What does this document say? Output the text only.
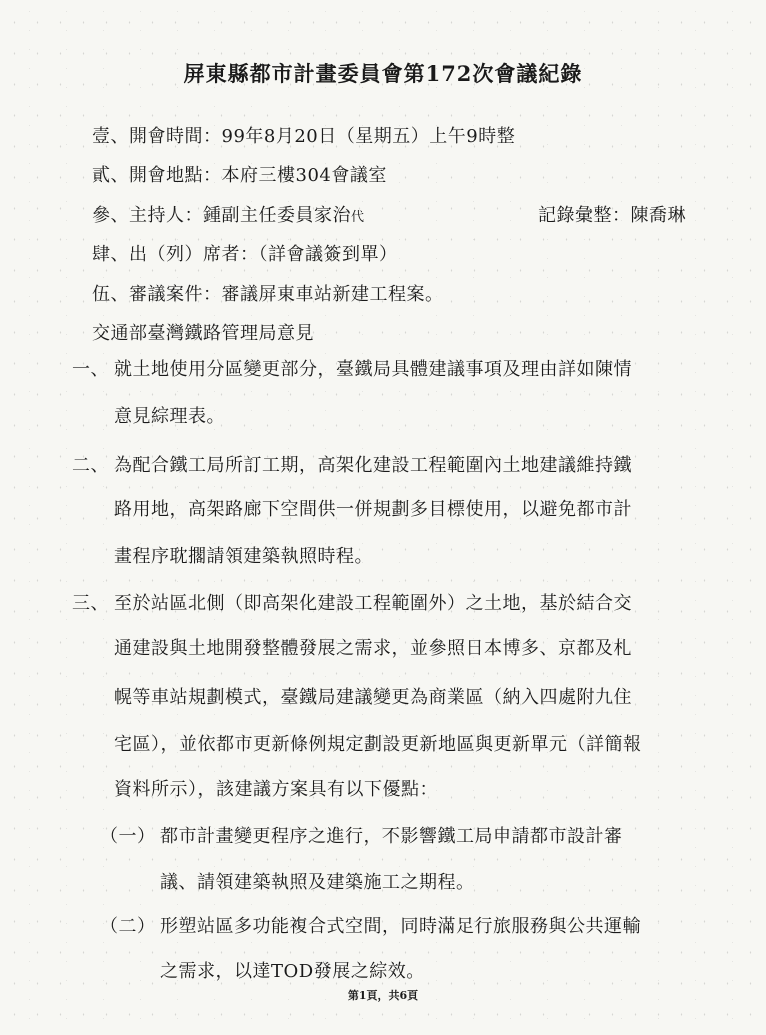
屏東縣都市計畫委員會第172次會議紀錄
壹、開會時間：99年8月20日（星期五）上午9時整
貳、開會地點：本府三樓304會議室
參、主持人：鍾副主任委員家治代	記錄彙整：陳喬琳
肆、出（列）席者：（詳會議簽到單）
伍、審議案件：審議屏東車站新建工程案。
交通部臺灣鐵路管理局意見
一、 就土地使用分區變更部分，臺鐵局具體建議事項及理由詳如陳情
意見綜理表。
二、 為配合鐵工局所訂工期，高架化建設工程範圍內土地建議維持鐵
路用地，高架路廊下空間供一併規劃多目標使用，以避免都市計
畫程序耽擱請領建築執照時程。
三、 至於站區北側（即高架化建設工程範圍外）之土地，基於結合交
通建設與土地開發整體發展之需求，並參照日本博多、京都及札
幌等車站規劃模式，臺鐵局建議變更為商業區（納入四處附九住
宅區），並依都市更新條例規定劃設更新地區與更新單元（詳簡報
資料所示），該建議方案具有以下優點：
（一） 都市計畫變更程序之進行，不影響鐵工局申請都市設計審
議、請領建築執照及建築施工之期程。
（二） 形塑站區多功能複合式空間，同時滿足行旅服務與公共運輸
之需求，以達TOD發展之綜效。
第1頁，共6頁
